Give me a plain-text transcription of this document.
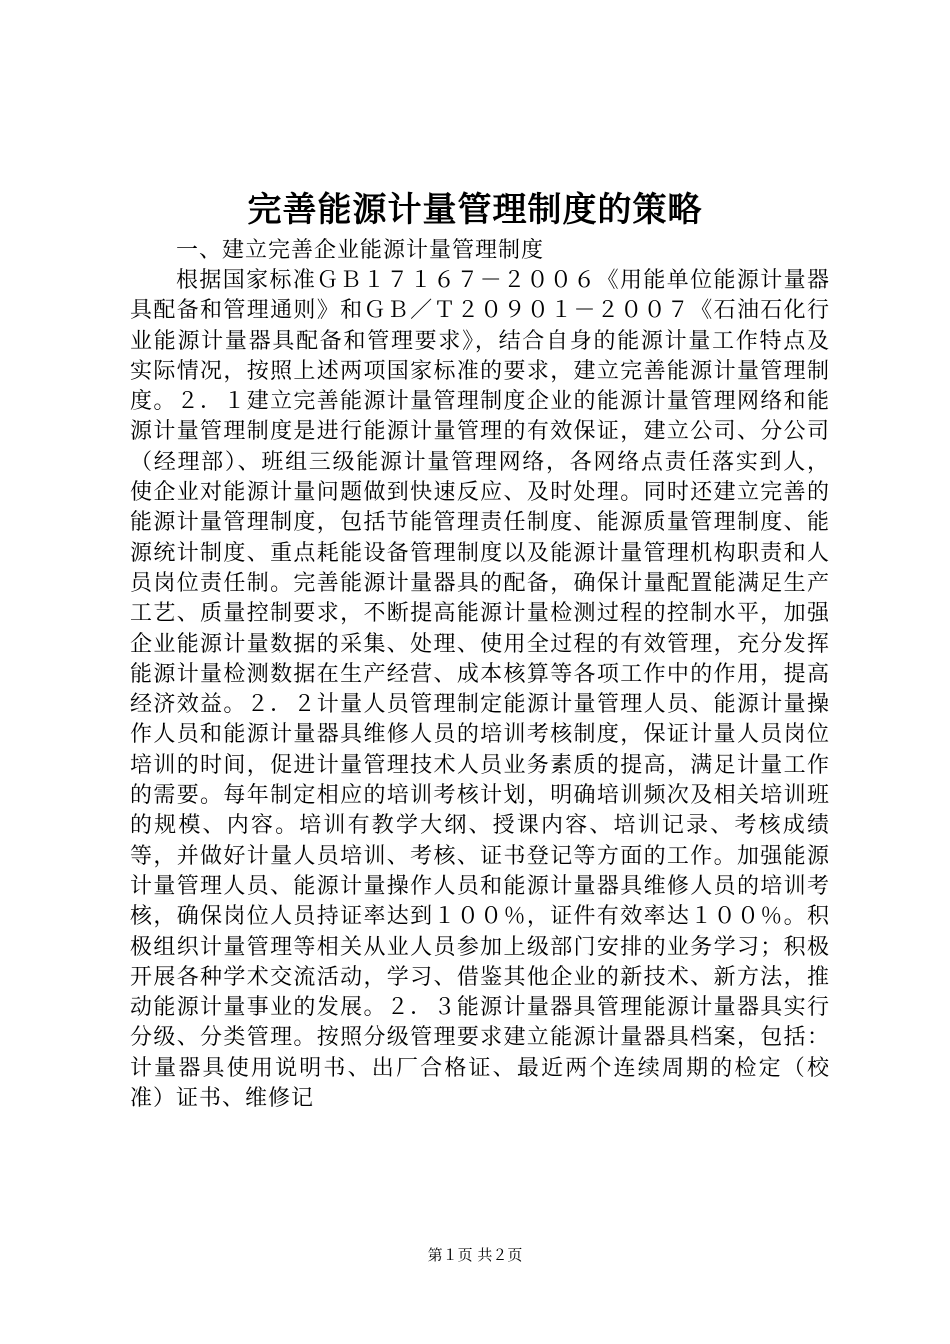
完善能源计量管理制度的策略

一、建立完善企业能源计量管理制度

根据国家标准ＧＢ１７１６７－２００６《用能单位能源计量器具配备和管理通则》和ＧＢ／Ｔ２０９０１－２００７《石油石化行业能源计量器具配备和管理要求》，结合自身的能源计量工作特点及实际情况，按照上述两项国家标准的要求，建立完善能源计量管理制度。２．１建立完善能源计量管理制度企业的能源计量管理网络和能源计量管理制度是进行能源计量管理的有效保证，建立公司、分公司（经理部）、班组三级能源计量管理网络，各网络点责任落实到人，使企业对能源计量问题做到快速反应、及时处理。同时还建立完善的能源计量管理制度，包括节能管理责任制度、能源质量管理制度、能源统计制度、重点耗能设备管理制度以及能源计量管理机构职责和人员岗位责任制。完善能源计量器具的配备，确保计量配置能满足生产工艺、质量控制要求，不断提高能源计量检测过程的控制水平，加强企业能源计量数据的采集、处理、使用全过程的有效管理，充分发挥能源计量检测数据在生产经营、成本核算等各项工作中的作用，提高经济效益。２．２计量人员管理制定能源计量管理人员、能源计量操作人员和能源计量器具维修人员的培训考核制度，保证计量人员岗位培训的时间，促进计量管理技术人员业务素质的提高，满足计量工作的需要。每年制定相应的培训考核计划，明确培训频次及相关培训班的规模、内容。培训有教学大纲、授课内容、培训记录、考核成绩等，并做好计量人员培训、考核、证书登记等方面的工作。加强能源计量管理人员、能源计量操作人员和能源计量器具维修人员的培训考核，确保岗位人员持证率达到１００％，证件有效率达１００％。积极组织计量管理等相关从业人员参加上级部门安排的业务学习；积极开展各种学术交流活动，学习、借鉴其他企业的新技术、新方法，推动能源计量事业的发展。２．３能源计量器具管理能源计量器具实行分级、分类管理。按照分级管理要求建立能源计量器具档案，包括：计量器具使用说明书、出厂合格证、最近两个连续周期的检定（校准）证书、维修记

第１页 共２页
